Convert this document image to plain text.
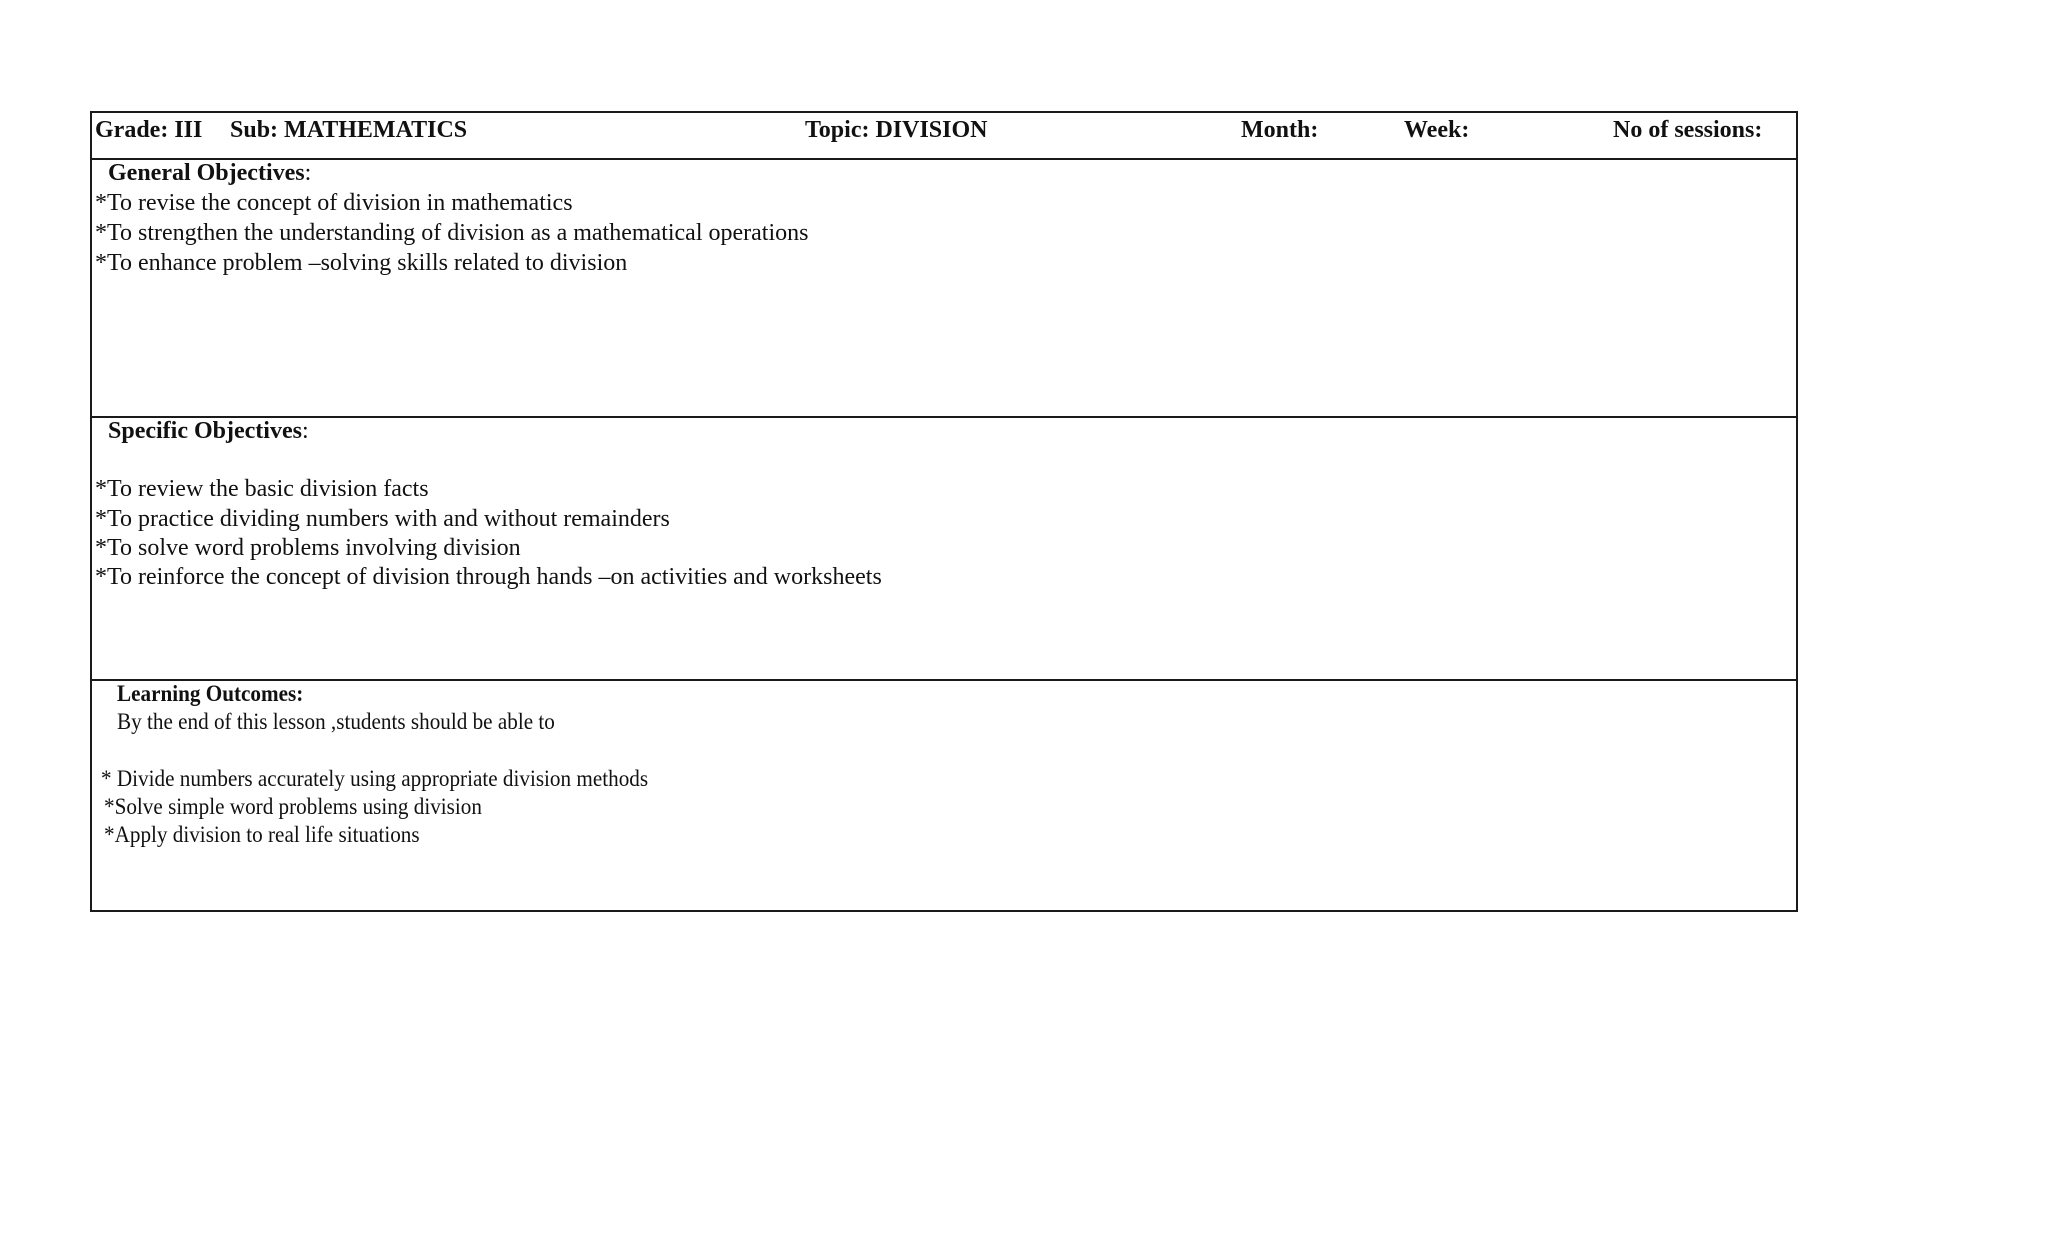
Grade: III Sub: MATHEMATICS	Topic: DIVISION	Month:	Week:	No of sessions:
General Objectives:
*To revise the concept of division in mathematics
*To strengthen the understanding of division as a mathematical operations
*To enhance problem –solving skills related to division
Specific Objectives:
*To review the basic division facts
*To practice dividing numbers with and without remainders
*To solve word problems involving division
*To reinforce the concept of division through hands –on activities and worksheets
Learning Outcomes:
By the end of this lesson ,students should be able to
* Divide numbers accurately using appropriate division methods
*Solve simple word problems using division
*Apply division to real life situations
